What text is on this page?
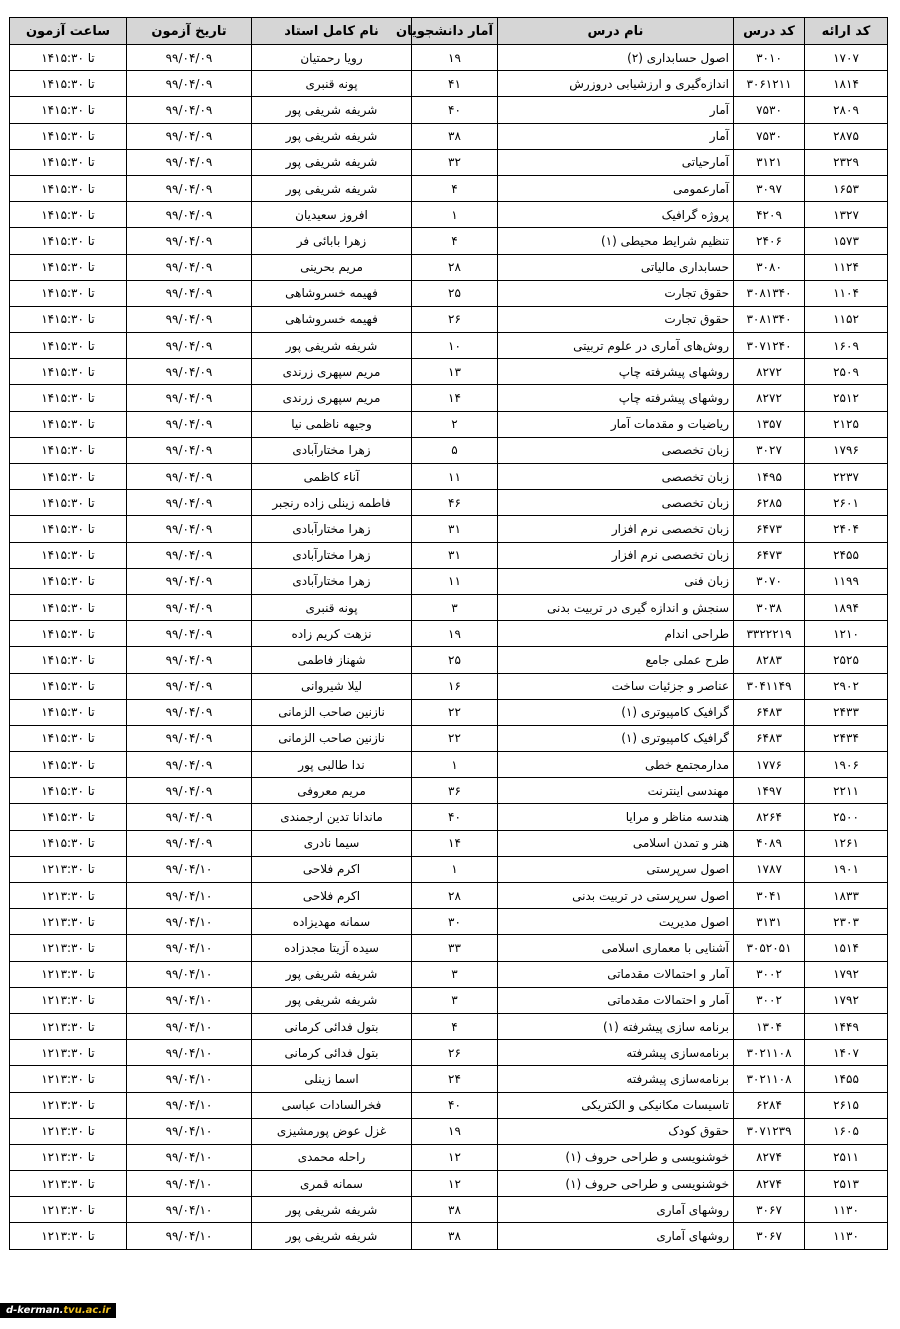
کد ارائه	کد درس	نام درس	آمار دانشجویان	نام کامل استاد	تاریخ آزمون	ساعت آزمون
۱۷۰۷	۳۰۱۰	اصول حسابداری (۲)	۱۹	رویا رحمتیان	۹۹/۰۴/۰۹	۱۴تا ۱۵:۳۰
۱۸۱۴	۳۰۶۱۲۱۱	اندازه‌گیری و ارزشیابی دروزرش	۴۱	پونه قنبری	۹۹/۰۴/۰۹	۱۴تا ۱۵:۳۰
۲۸۰۹	۷۵۳۰	آمار	۴۰	شریفه شریفی پور	۹۹/۰۴/۰۹	۱۴تا ۱۵:۳۰
۲۸۷۵	۷۵۳۰	آمار	۳۸	شریفه شریفی پور	۹۹/۰۴/۰۹	۱۴تا ۱۵:۳۰
۲۳۲۹	۳۱۲۱	آمارحیاتی	۳۲	شریفه شریفی پور	۹۹/۰۴/۰۹	۱۴تا ۱۵:۳۰
۱۶۵۳	۳۰۹۷	آمارعمومی	۴	شریفه شریفی پور	۹۹/۰۴/۰۹	۱۴تا ۱۵:۳۰
۱۳۲۷	۴۲۰۹	پروژه گرافیک	۱	افروز سعیدیان	۹۹/۰۴/۰۹	۱۴تا ۱۵:۳۰
۱۵۷۳	۲۴۰۶	تنظیم شرایط محیطی (۱)	۴	زهرا بابائی فر	۹۹/۰۴/۰۹	۱۴تا ۱۵:۳۰
۱۱۲۴	۳۰۸۰	حسابداری مالیاتی	۲۸	مریم بحرینی	۹۹/۰۴/۰۹	۱۴تا ۱۵:۳۰
۱۱۰۴	۳۰۸۱۳۴۰	حقوق تجارت	۲۵	فهیمه خسروشاهی	۹۹/۰۴/۰۹	۱۴تا ۱۵:۳۰
۱۱۵۲	۳۰۸۱۳۴۰	حقوق تجارت	۲۶	فهیمه خسروشاهی	۹۹/۰۴/۰۹	۱۴تا ۱۵:۳۰
۱۶۰۹	۳۰۷۱۲۴۰	روش‌های آماری در علوم تربیتی	۱۰	شریفه شریفی پور	۹۹/۰۴/۰۹	۱۴تا ۱۵:۳۰
۲۵۰۹	۸۲۷۲	روشهای پیشرفته چاپ	۱۳	مریم سپهری زرندی	۹۹/۰۴/۰۹	۱۴تا ۱۵:۳۰
۲۵۱۲	۸۲۷۲	روشهای پیشرفته چاپ	۱۴	مریم سپهری زرندی	۹۹/۰۴/۰۹	۱۴تا ۱۵:۳۰
۲۱۲۵	۱۳۵۷	ریاضیات و مقدمات آمار	۲	وجیهه ناظمی نیا	۹۹/۰۴/۰۹	۱۴تا ۱۵:۳۰
۱۷۹۶	۳۰۲۷	زبان تخصصی	۵	زهرا مختارآبادی	۹۹/۰۴/۰۹	۱۴تا ۱۵:۳۰
۲۲۳۷	۱۴۹۵	زبان تخصصی	۱۱	آناء کاظمی	۹۹/۰۴/۰۹	۱۴تا ۱۵:۳۰
۲۶۰۱	۶۲۸۵	زبان تخصصی	۴۶	فاطمه زینلی زاده رنجبر	۹۹/۰۴/۰۹	۱۴تا ۱۵:۳۰
۲۴۰۴	۶۴۷۳	زبان تخصصی نرم افزار	۳۱	زهرا مختارآبادی	۹۹/۰۴/۰۹	۱۴تا ۱۵:۳۰
۲۴۵۵	۶۴۷۳	زبان تخصصی نرم افزار	۳۱	زهرا مختارآبادی	۹۹/۰۴/۰۹	۱۴تا ۱۵:۳۰
۱۱۹۹	۳۰۷۰	زبان فنی	۱۱	زهرا مختارآبادی	۹۹/۰۴/۰۹	۱۴تا ۱۵:۳۰
۱۸۹۴	۳۰۳۸	سنجش و اندازه گیری در تربیت بدنی	۳	پونه قنبری	۹۹/۰۴/۰۹	۱۴تا ۱۵:۳۰
۱۲۱۰	۳۳۲۲۲۱۹	طراحی اندام	۱۹	نزهت کریم زاده	۹۹/۰۴/۰۹	۱۴تا ۱۵:۳۰
۲۵۲۵	۸۲۸۳	طرح عملی جامع	۲۵	شهناز فاطمی	۹۹/۰۴/۰۹	۱۴تا ۱۵:۳۰
۲۹۰۲	۳۰۴۱۱۴۹	عناصر و جزئیات ساخت	۱۶	لیلا شیروانی	۹۹/۰۴/۰۹	۱۴تا ۱۵:۳۰
۲۴۳۳	۶۴۸۳	گرافیک کامپیوتری (۱)	۲۲	نازنین صاحب الزمانی	۹۹/۰۴/۰۹	۱۴تا ۱۵:۳۰
۲۴۳۴	۶۴۸۳	گرافیک کامپیوتری (۱)	۲۲	نازنین صاحب الزمانی	۹۹/۰۴/۰۹	۱۴تا ۱۵:۳۰
۱۹۰۶	۱۷۷۶	مدارمجتمع خطی	۱	ندا طالبی پور	۹۹/۰۴/۰۹	۱۴تا ۱۵:۳۰
۲۲۱۱	۱۴۹۷	مهندسی اینترنت	۳۶	مریم معروفی	۹۹/۰۴/۰۹	۱۴تا ۱۵:۳۰
۲۵۰۰	۸۲۶۴	هندسه مناظر و مرایا	۴۰	ماندانا تدین ارجمندی	۹۹/۰۴/۰۹	۱۴تا ۱۵:۳۰
۱۲۶۱	۴۰۸۹	هنر و تمدن اسلامی	۱۴	سیما نادری	۹۹/۰۴/۰۹	۱۴تا ۱۵:۳۰
۱۹۰۱	۱۷۸۷	اصول سرپرستی	۱	اکرم فلاحی	۹۹/۰۴/۱۰	۱۲تا ۱۳:۳۰
۱۸۳۳	۳۰۴۱	اصول سرپرستی در تربیت بدنی	۲۸	اکرم فلاحی	۹۹/۰۴/۱۰	۱۲تا ۱۳:۳۰
۲۳۰۳	۳۱۳۱	اصول مدیریت	۳۰	سمانه مهدیزاده	۹۹/۰۴/۱۰	۱۲تا ۱۳:۳۰
۱۵۱۴	۳۰۵۲۰۵۱	آشنایی با معماری اسلامی	۳۳	سیده آزیتا مجدزاده	۹۹/۰۴/۱۰	۱۲تا ۱۳:۳۰
۱۷۹۲	۳۰۰۲	آمار و احتمالات مقدماتی	۳	شریفه شریفی پور	۹۹/۰۴/۱۰	۱۲تا ۱۳:۳۰
۱۷۹۲	۳۰۰۲	آمار و احتمالات مقدماتی	۳	شریفه شریفی پور	۹۹/۰۴/۱۰	۱۲تا ۱۳:۳۰
۱۴۴۹	۱۳۰۴	برنامه سازی پیشرفته (۱)	۴	بتول فدائی کرمانی	۹۹/۰۴/۱۰	۱۲تا ۱۳:۳۰
۱۴۰۷	۳۰۲۱۱۰۸	برنامه‌سازی پیشرفته	۲۶	بتول فدائی کرمانی	۹۹/۰۴/۱۰	۱۲تا ۱۳:۳۰
۱۴۵۵	۳۰۲۱۱۰۸	برنامه‌سازی پیشرفته	۲۴	اسما زینلی	۹۹/۰۴/۱۰	۱۲تا ۱۳:۳۰
۲۶۱۵	۶۲۸۴	تاسیسات مکانیکی و الکتریکی	۴۰	فخرالسادات عباسی	۹۹/۰۴/۱۰	۱۲تا ۱۳:۳۰
۱۶۰۵	۳۰۷۱۲۳۹	حقوق کودک	۱۹	غزل عوض پورمشیزی	۹۹/۰۴/۱۰	۱۲تا ۱۳:۳۰
۲۵۱۱	۸۲۷۴	خوشنویسی و طراحی حروف (۱)	۱۲	راحله محمدی	۹۹/۰۴/۱۰	۱۲تا ۱۳:۳۰
۲۵۱۳	۸۲۷۴	خوشنویسی و طراحی حروف (۱)	۱۲	سمانه قمری	۹۹/۰۴/۱۰	۱۲تا ۱۳:۳۰
۱۱۳۰	۳۰۶۷	روشهای آماری	۳۸	شریفه شریفی پور	۹۹/۰۴/۱۰	۱۲تا ۱۳:۳۰
۱۱۳۰	۳۰۶۷	روشهای آماری	۳۸	شریفه شریفی پور	۹۹/۰۴/۱۰	۱۲تا ۱۳:۳۰
d-kerman.tvu.ac.ir
